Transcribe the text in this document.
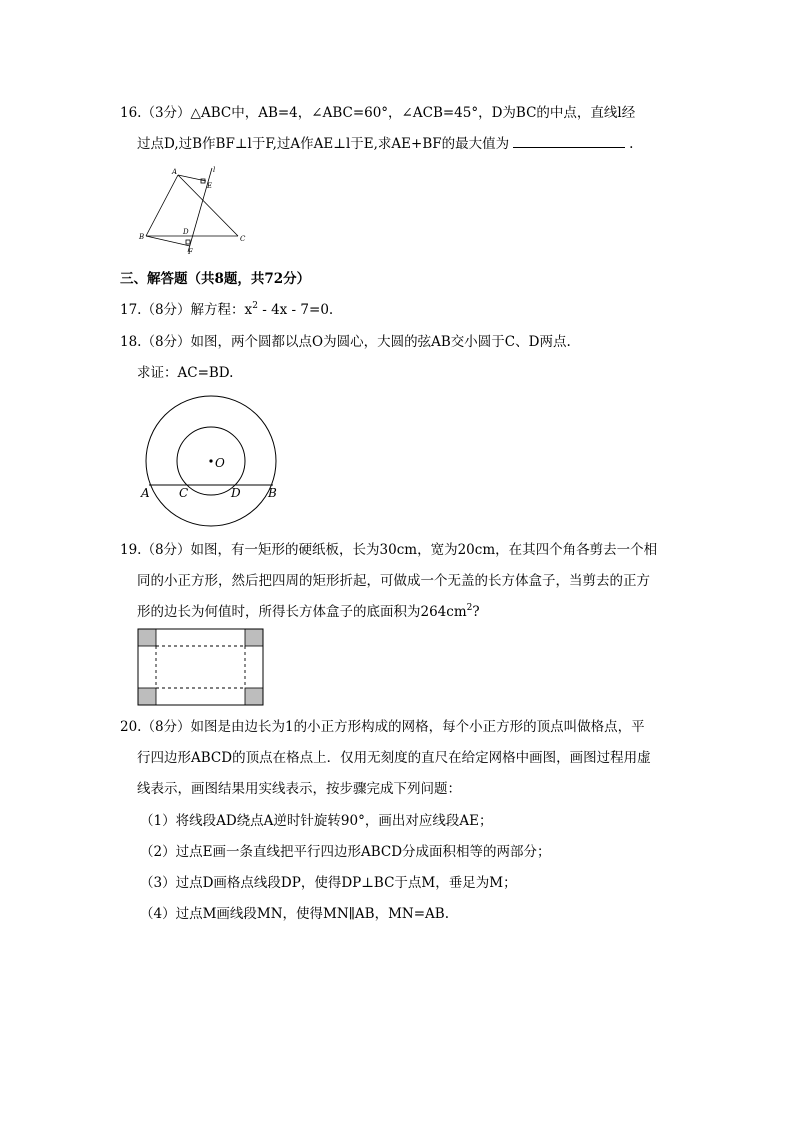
16.（3分）△ABC中，AB=4，∠ABC=60°，∠ACB=45°，D为BC的中点，直线l经
过点D,过B作BF⊥l于F,过A作AE⊥l于E,求AE+BF的最大值为	.
A
B	C
D
E
F
l
三、解答题（共8题，共72分）
17.（8分）解方程：$x^2 - 4x - 7=0$.
18.（8分）如图，两个圆都以点O为圆心，大圆的弦AB交小圆于C、D两点.
求证：AC=BD.
O
A C	D B
19.（8分）如图，有一矩形的硬纸板，长为30cm，宽为20cm，在其四个角各剪去一个相
同的小正方形，然后把四周的矩形折起，可做成一个无盖的长方体盒子，当剪去的正方
形的边长为何值时，所得长方体盒子的底面积为$264cm^2$?
20.（8分）如图是由边长为1的小正方形构成的网格，每个小正方形的顶点叫做格点，平
行四边形ABCD的顶点在格点上．仅用无刻度的直尺在给定网格中画图，画图过程用虚
线表示，画图结果用实线表示，按步骤完成下列问题：
（1）将线段AD绕点A逆时针旋转90°，画出对应线段AE；
（2）过点E画一条直线把平行四边形ABCD分成面积相等的两部分；
（3）过点D画格点线段DP，使得DP⊥BC于点M，垂足为M；
（4）过点M画线段MN，使得MN∥AB，MN=AB.
